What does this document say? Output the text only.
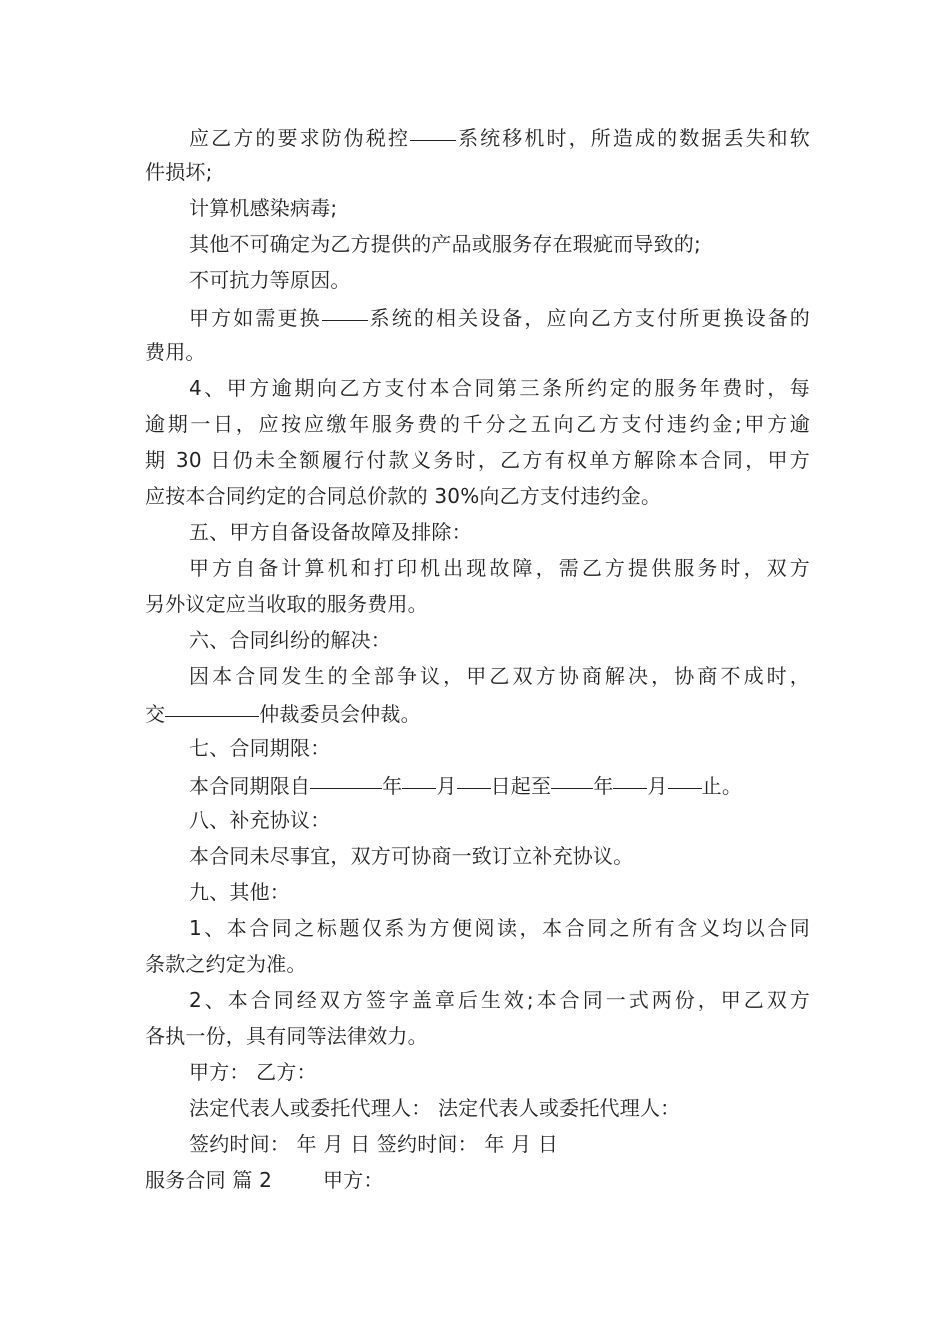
应乙方的要求防伪税控 系统移机时，所造成的数据丢失和软
件损坏;
计算机感染病毒;
其他不可确定为乙方提供的产品或服务存在瑕疵而导致的;
不可抗力等原因。
甲方如需更换 系统的相关设备，应向乙方支付所更换设备的
费用。
4、甲方逾期向乙方支付本合同第三条所约定的服务年费时，每
逾期一日，应按应缴年服务费的千分之五向乙方支付违约金;甲方逾
期 30 日仍未全额履行付款义务时，乙方有权单方解除本合同，甲方
应按本合同约定的合同总价款的 30%向乙方支付违约金。
五、甲方自备设备故障及排除：
甲方自备计算机和打印机出现故障，需乙方提供服务时，双方
另外议定应当收取的服务费用。
六、合同纠纷的解决：
因本合同发生的全部争议，甲乙双方协商解决，协商不成时，
交	仲裁委员会仲裁。
七、合同期限：
本合同期限自	年 月 日起至 年 月 止。
八、补充协议：
本合同未尽事宜，双方可协商一致订立补充协议。
九、其他：
1、本合同之标题仅系为方便阅读，本合同之所有含义均以合同
条款之约定为准。
2、本合同经双方签字盖章后生效;本合同一式两份，甲乙双方
各执一份，具有同等法律效力。
甲方： 乙方：
法定代表人或委托代理人： 法定代表人或委托代理人：
签约时间： 年 月 日 签约时间： 年 月 日
服务合同 篇 2	甲方：
